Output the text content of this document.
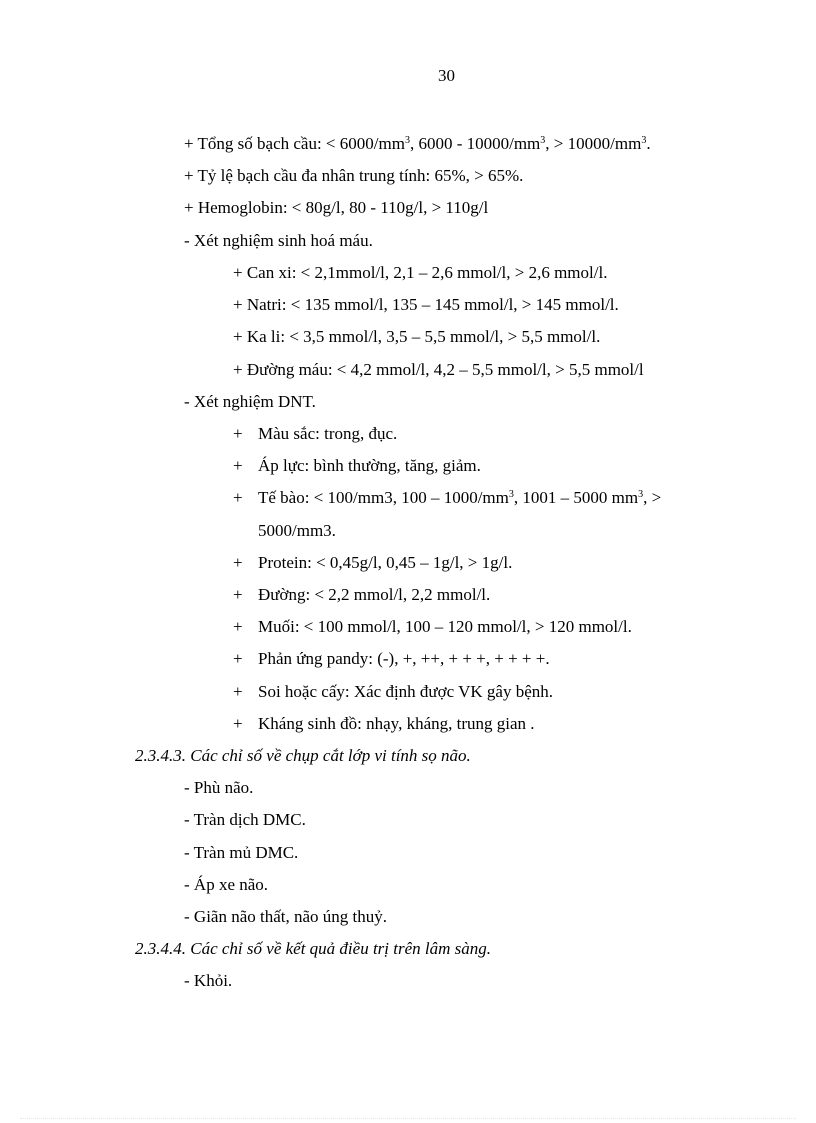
30
+ Tổng số bạch cầu: < $6000/mm^3$, $6000 - 10000/mm^3$, > $10000/mm^3$.
+ Tỷ lệ bạch cầu đa nhân trung tính: 65%, > 65%.
+ Hemoglobin: < 80g/l, 80 - 110g/l, > 110g/l
- Xét nghiệm sinh hoá máu.
+ Can xi: < 2,1mmol/l, 2,1 – 2,6 mmol/l, > 2,6 mmol/l.
+ Natri: < 135 mmol/l, 135 – 145 mmol/l, > 145 mmol/l.
+ Ka li: < 3,5 mmol/l, 3,5 – 5,5 mmol/l, > 5,5 mmol/l.
+ Đường máu: < 4,2 mmol/l, 4,2 – 5,5 mmol/l, > 5,5 mmol/l
- Xét nghiệm DNT.
+ Màu sắc: trong, đục.
+ Áp lực: bình thường, tăng, giảm.
+ Tế bào: < 100/mm3, $100 - 1000/mm^3$, 1001 – 5000 $mm^3$, >
5000/mm3.
+ Protein: < 0,45g/l, 0,45 – 1g/l, > 1g/l.
+ Đường: < 2,2 mmol/l, 2,2 mmol/l.
+ Muối: < 100 mmol/l, 100 – 120 mmol/l, > 120 mmol/l.
+ Phản ứng pandy: (-), +, ++, + + +, + + + +.
+ Soi hoặc cấy: Xác định được VK gây bệnh.
+ Kháng sinh đồ: nhạy, kháng, trung gian .
2.3.4.3. Các chỉ số về chụp cắt lớp vi tính sọ não.
- Phù não.
- Tràn dịch DMC.
- Tràn mủ DMC.
- Áp xe não.
- Giãn não thất, não úng thuỷ.
2.3.4.4. Các chỉ số về kết quả điều trị trên lâm sàng.
- Khỏi.
